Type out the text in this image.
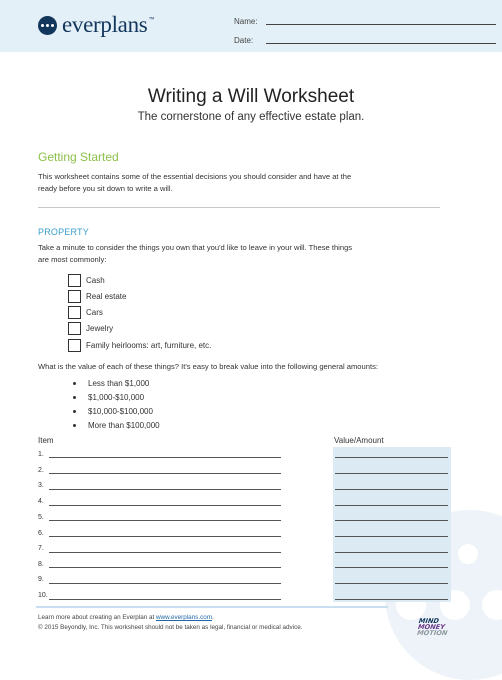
everplans ™	Name:
Date:
Writing a Will Worksheet
The cornerstone of any effective estate plan.
Getting Started
This worksheet contains some of the essential decisions you should consider and have at the
ready before you sit down to write a will.
PROPERTY
Take a minute to consider the things you own that you'd like to leave in your will. These things
are most commonly:
Cash
Real estate
Cars
Jewelry
Family heirlooms: art, furniture, etc.
What is the value of each of these things? It's easy to break value into the following general amounts:
Less than $1,000
$1,000-$10,000
$10,000-$100,000
More than $100,000
Item	Value/Amount
1.
2.
3.
4.
5.
6.
7.
8.
9.
10.
Learn more about creating an Everplan at www.everplans.com.
© 2015 Beyondly, Inc. This worksheet should not be taken as legal, financial or medical advice.
MIND
MONEY
MOTION
